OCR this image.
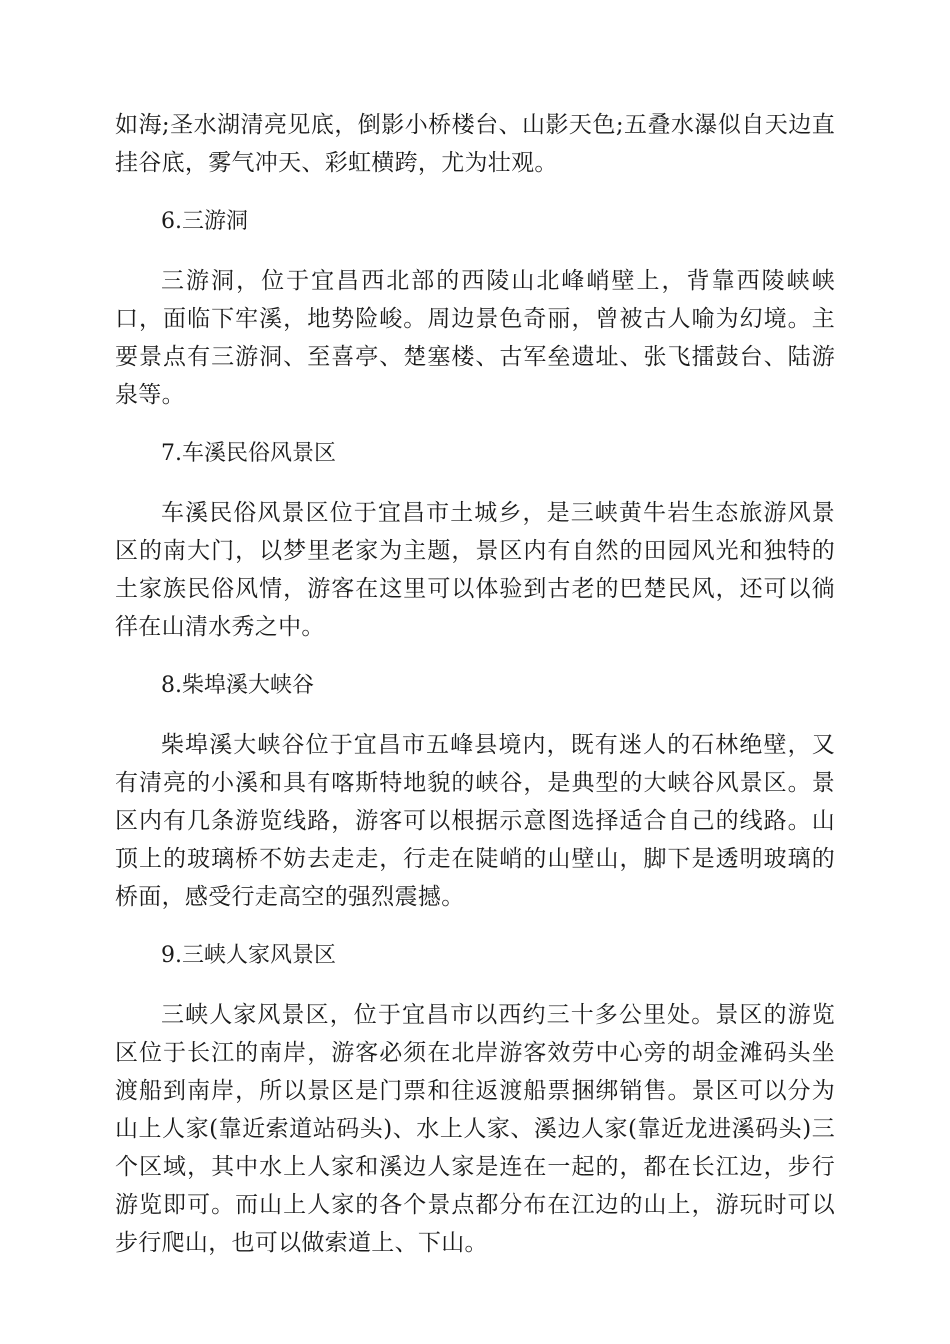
如海;圣水湖清亮见底，倒影小桥楼台、山影天色;五叠水瀑似自天边直挂谷底，雾气冲天、彩虹横跨，尤为壮观。

6.三游洞

三游洞，位于宜昌西北部的西陵山北峰峭壁上，背靠西陵峡峡口，面临下牢溪，地势险峻。周边景色奇丽，曾被古人喻为幻境。主要景点有三游洞、至喜亭、楚塞楼、古军垒遗址、张飞擂鼓台、陆游泉等。

7.车溪民俗风景区

车溪民俗风景区位于宜昌市土城乡，是三峡黄牛岩生态旅游风景区的南大门，以梦里老家为主题，景区内有自然的田园风光和独特的土家族民俗风情，游客在这里可以体验到古老的巴楚民风，还可以徜徉在山清水秀之中。

8.柴埠溪大峡谷

柴埠溪大峡谷位于宜昌市五峰县境内，既有迷人的石林绝壁，又有清亮的小溪和具有喀斯特地貌的峡谷，是典型的大峡谷风景区。景区内有几条游览线路，游客可以根据示意图选择适合自己的线路。山顶上的玻璃桥不妨去走走，行走在陡峭的山壁山，脚下是透明玻璃的桥面，感受行走高空的强烈震撼。

9.三峡人家风景区

三峡人家风景区，位于宜昌市以西约三十多公里处。景区的游览区位于长江的南岸，游客必须在北岸游客效劳中心旁的胡金滩码头坐渡船到南岸，所以景区是门票和往返渡船票捆绑销售。景区可以分为山上人家(靠近索道站码头)、水上人家、溪边人家(靠近龙进溪码头)三个区域，其中水上人家和溪边人家是连在一起的，都在长江边，步行游览即可。而山上人家的各个景点都分布在江边的山上，游玩时可以步行爬山，也可以做索道上、下山。
